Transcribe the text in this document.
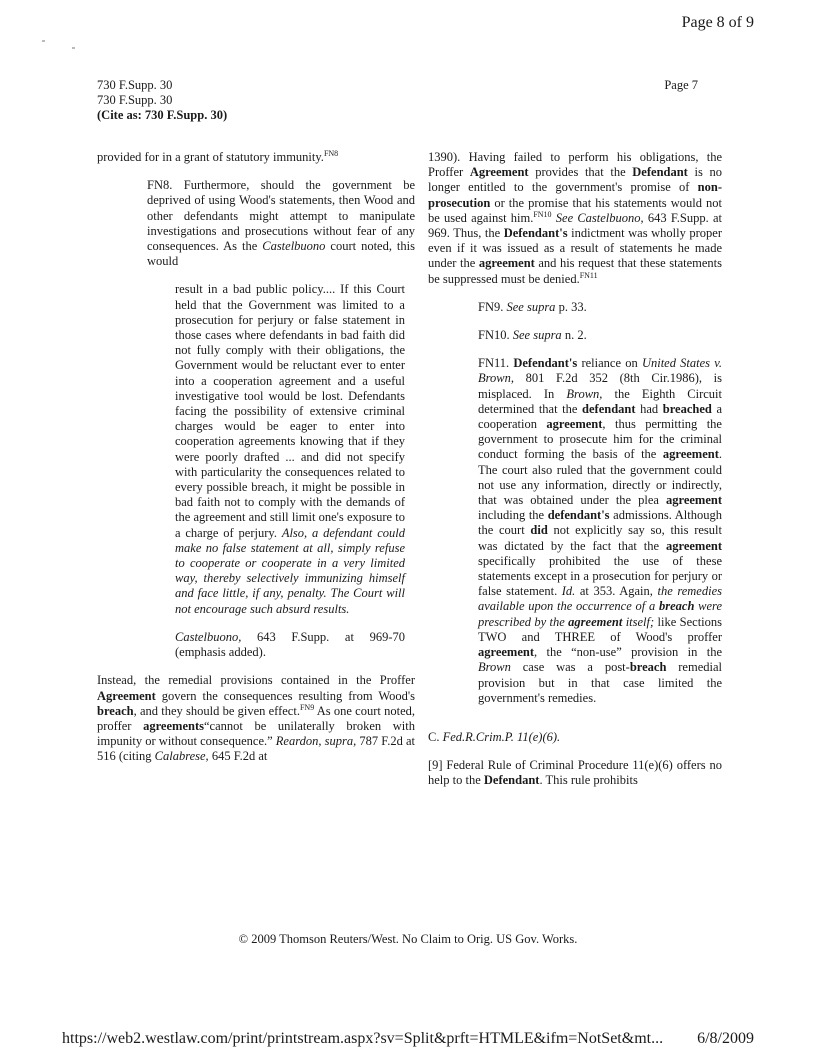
Page 8 of 9
730 F.Supp. 30
730 F.Supp. 30
(Cite as: 730 F.Supp. 30)
Page 7

provided for in a grant of statutory immunity.$^{FN8}$

FN8. Furthermore, should the government be deprived of using Wood's statements, then Wood and other defendants might attempt to manipulate investigations and prosecutions without fear of any consequences. As the Castelbuono court noted, this would

result in a bad public policy.... If this Court held that the Government was limited to a prosecution for perjury or false statement in those cases where defendants in bad faith did not fully comply with their obligations, the Government would be reluctant ever to enter into a cooperation agreement and a useful investigative tool would be lost. Defendants facing the possibility of extensive criminal charges would be eager to enter into cooperation agreements knowing that if they were poorly drafted ... and did not specify with particularity the consequences related to every possible breach, it might be possible in bad faith not to comply with the demands of the agreement and still limit one's exposure to a charge of perjury. Also, a defendant could make no false statement at all, simply refuse to cooperate or cooperate in a very limited way, thereby selectively immunizing himself and face little, if any, penalty. The Court will not encourage such absurd results.

Castelbuono, 643 F.Supp. at 969-70 (emphasis added).

Instead, the remedial provisions contained in the Proffer Agreement govern the consequences resulting from Wood's breach, and they should be given effect.$^{FN9}$ As one court noted, proffer agreements“cannot be unilaterally broken with impunity or without consequence.” Reardon, supra, 787 F.2d at 516 (citing Calabrese, 645 F.2d at

1390). Having failed to perform his obligations, the Proffer Agreement provides that the Defendant is no longer entitled to the government's promise of non-prosecution or the promise that his statements would not be used against him.$^{FN10}$ See Castelbuono, 643 F.Supp. at 969. Thus, the Defendant's indictment was wholly proper even if it was issued as a result of statements he made under the agreement and his request that these statements be suppressed must be denied.$^{FN11}$

FN9. See supra p. 33.

FN10. See supra n. 2.

FN11. Defendant's reliance on United States v. Brown, 801 F.2d 352 (8th Cir.1986), is misplaced. In Brown, the Eighth Circuit determined that the defendant had breached a cooperation agreement, thus permitting the government to prosecute him for the criminal conduct forming the basis of the agreement. The court also ruled that the government could not use any information, directly or indirectly, that was obtained under the plea agreement including the defendant's admissions. Although the court did not explicitly say so, this result was dictated by the fact that the agreement specifically prohibited the use of these statements except in a prosecution for perjury or false statement. Id. at 353. Again, the remedies available upon the occurrence of a breach were prescribed by the agreement itself; like Sections TWO and THREE of Wood's proffer agreement, the “non-use” provision in the Brown case was a post-breach remedial provision but in that case limited the government's remedies.

C. Fed.R.Crim.P. 11(e)(6).

[9] Federal Rule of Criminal Procedure 11(e)(6) offers no help to the Defendant. This rule prohibits

© 2009 Thomson Reuters/West. No Claim to Orig. US Gov. Works.
https://web2.westlaw.com/print/printstream.aspx?sv=Split&prft=HTMLE&ifm=NotSet&mt... 6/8/2009
